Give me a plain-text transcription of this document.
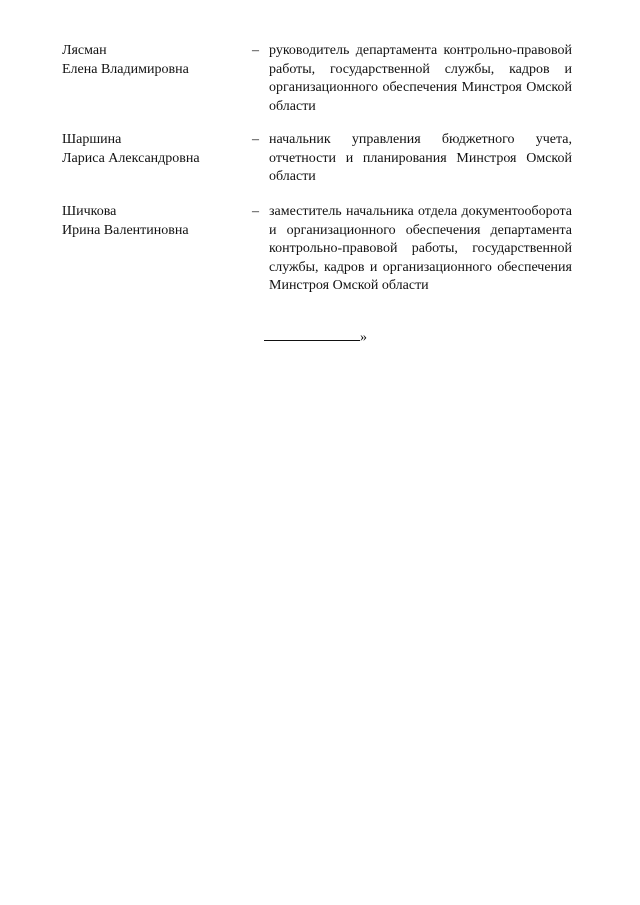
Лясман
Елена Владимировна
– руководитель департамента контрольно-правовой работы, государственной службы, кадров и организационного обеспечения Минстроя Омской области
Шаршина
Лариса Александровна
– начальник управления бюджетного учета, отчетности и планирования Минстроя Омской области
Шичкова
Ирина Валентиновна
– заместитель начальника отдела документооборота и организационного обеспечения департамента контрольно-правовой работы, государственной службы, кадров и организационного обеспечения Минстроя Омской области
»
